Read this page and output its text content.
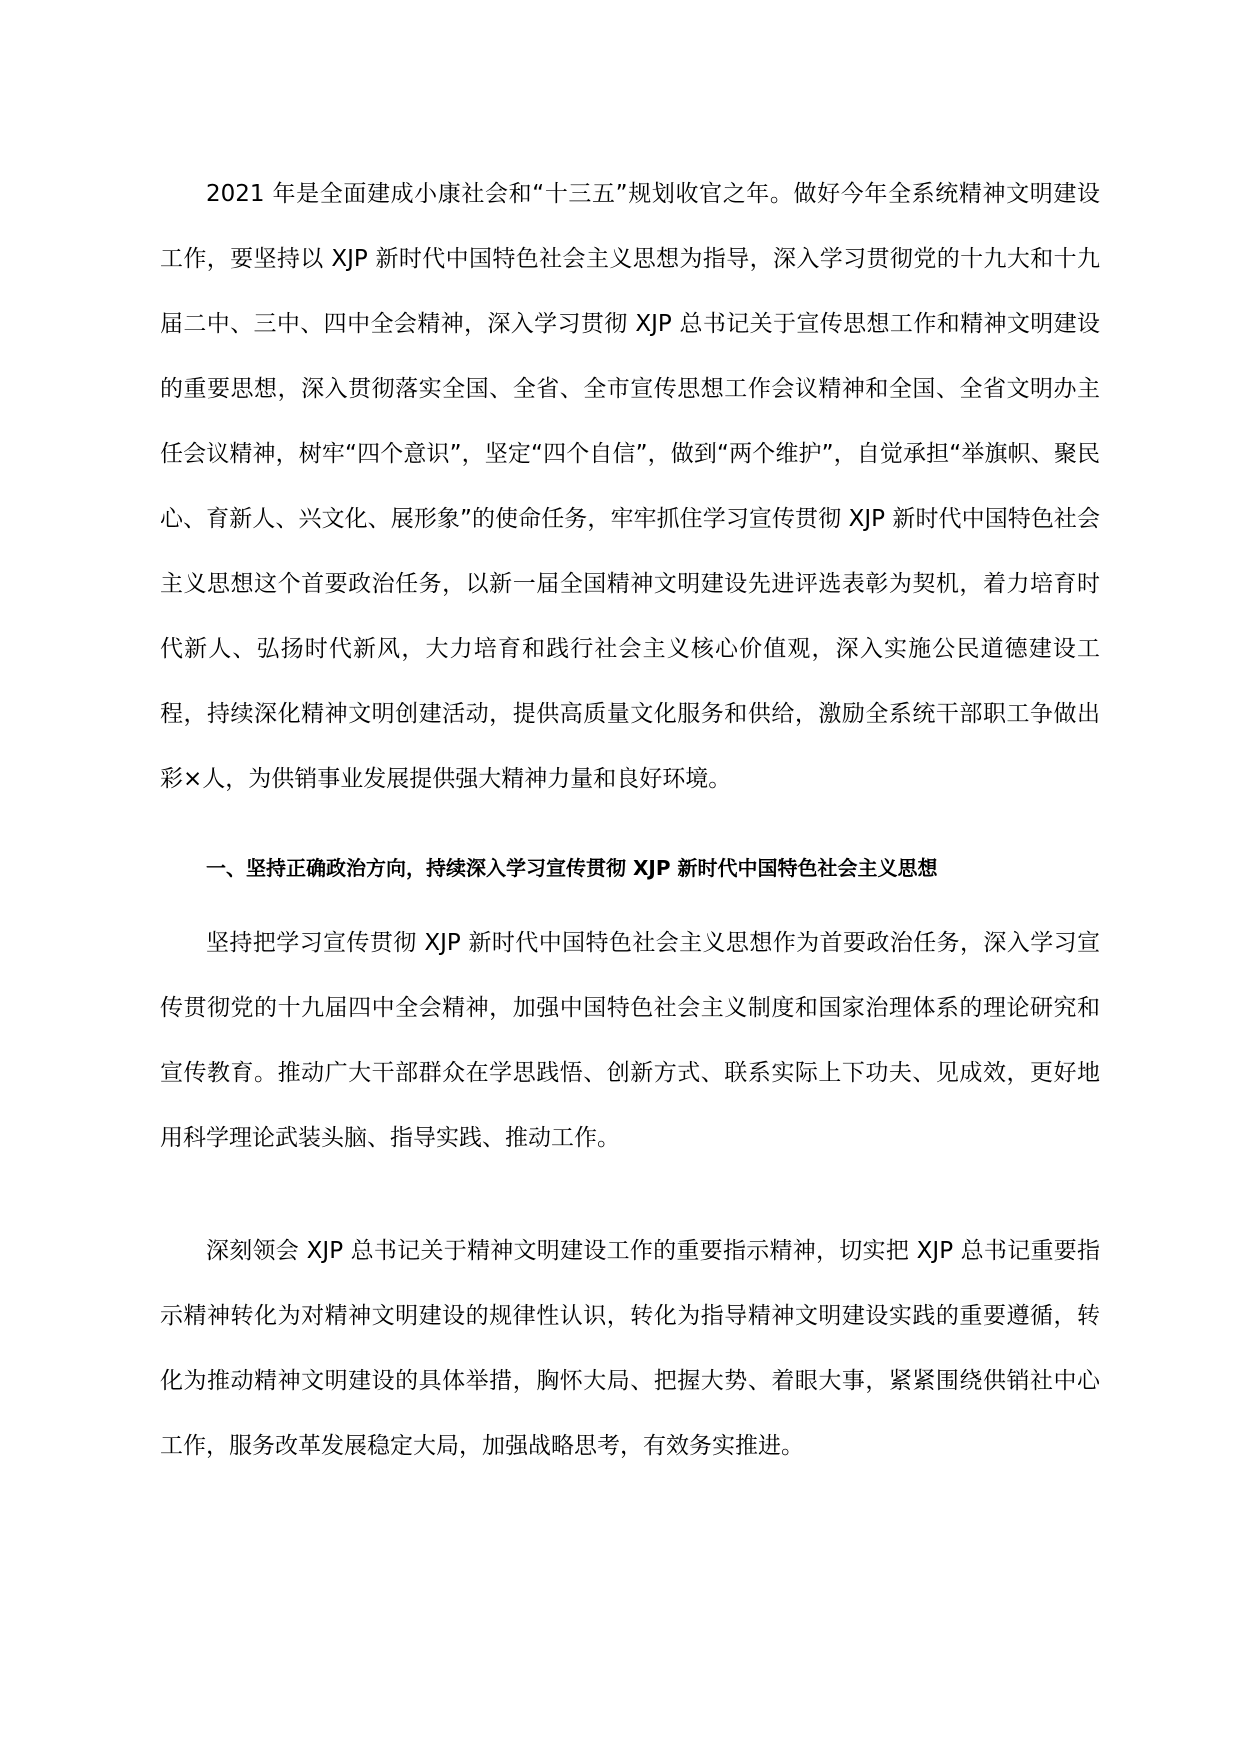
2021 年是全面建成小康社会和“十三五”规划收官之年。做好今年全系统精神文明建设工作，要坚持以 XJP 新时代中国特色社会主义思想为指导，深入学习贯彻党的十九大和十九届二中、三中、四中全会精神，深入学习贯彻 XJP 总书记关于宣传思想工作和精神文明建设的重要思想，深入贯彻落实全国、全省、全市宣传思想工作会议精神和全国、全省文明办主任会议精神，树牢“四个意识”，坚定“四个自信”，做到“两个维护”，自觉承担“举旗帜、聚民心、育新人、兴文化、展形象”的使命任务，牢牢抓住学习宣传贯彻 XJP 新时代中国特色社会主义思想这个首要政治任务，以新一届全国精神文明建设先进评选表彰为契机，着力培育时代新人、弘扬时代新风，大力培育和践行社会主义核心价值观，深入实施公民道德建设工程，持续深化精神文明创建活动，提供高质量文化服务和供给，激励全系统干部职工争做出彩×人，为供销事业发展提供强大精神力量和良好环境。

一、坚持正确政治方向，持续深入学习宣传贯彻 XJP 新时代中国特色社会主义思想

坚持把学习宣传贯彻 XJP 新时代中国特色社会主义思想作为首要政治任务，深入学习宣传贯彻党的十九届四中全会精神，加强中国特色社会主义制度和国家治理体系的理论研究和宣传教育。推动广大干部群众在学思践悟、创新方式、联系实际上下功夫、见成效，更好地用科学理论武装头脑、指导实践、推动工作。

深刻领会 XJP 总书记关于精神文明建设工作的重要指示精神，切实把 XJP 总书记重要指示精神转化为对精神文明建设的规律性认识，转化为指导精神文明建设实践的重要遵循，转化为推动精神文明建设的具体举措，胸怀大局、把握大势、着眼大事，紧紧围绕供销社中心工作，服务改革发展稳定大局，加强战略思考，有效务实推进。
